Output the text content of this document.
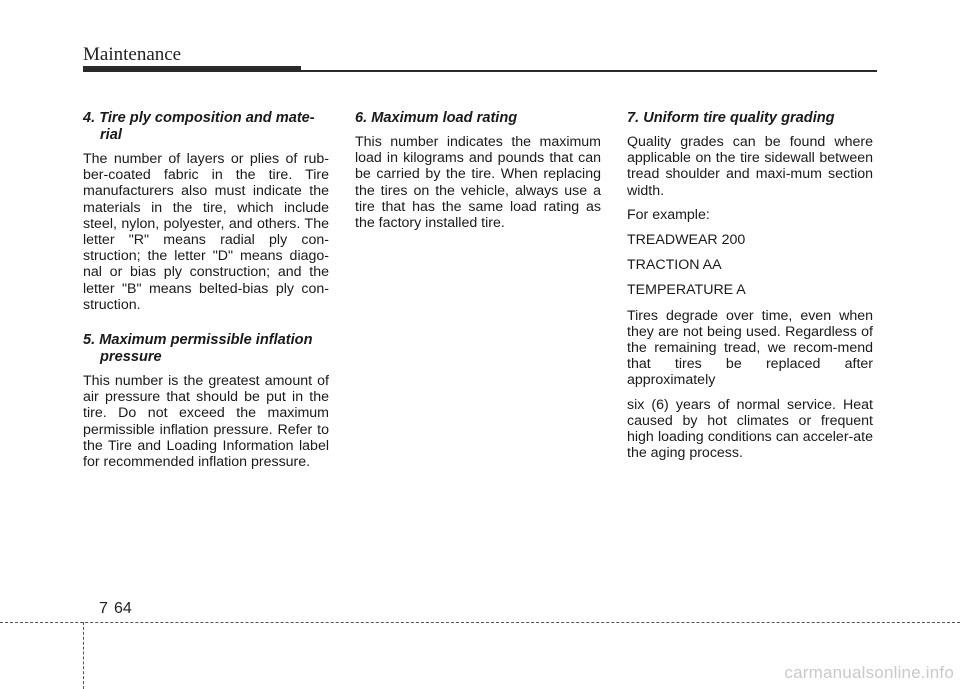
Maintenance

4. Tire ply composition and mate-rial

The number of layers or plies of rub-ber-coated fabric in the tire. Tire manufacturers also must indicate the materials in the tire, which include steel, nylon, polyester, and others. The letter "R" means radial ply con-struction; the letter "D" means diago-nal or bias ply construction; and the letter "B" means belted-bias ply con-struction.

5. Maximum permissible inflation pressure

This number is the greatest amount of air pressure that should be put in the tire. Do not exceed the maximum permissible inflation pressure. Refer to the Tire and Loading Information label for recommended inflation pressure.

6. Maximum load rating

This number indicates the maximum load in kilograms and pounds that can be carried by the tire. When replacing the tires on the vehicle, always use a tire that has the same load rating as the factory installed tire.

7. Uniform tire quality grading

Quality grades can be found where applicable on the tire sidewall between tread shoulder and maxi-mum section width.

For example:

TREADWEAR 200

TRACTION AA

TEMPERATURE A

Tires degrade over time, even when they are not being used. Regardless of the remaining tread, we recom-mend that tires be replaced after approximately

six (6) years of normal service. Heat caused by hot climates or frequent high loading conditions can acceler-ate the aging process.

7 64
carmanualsonline.info
